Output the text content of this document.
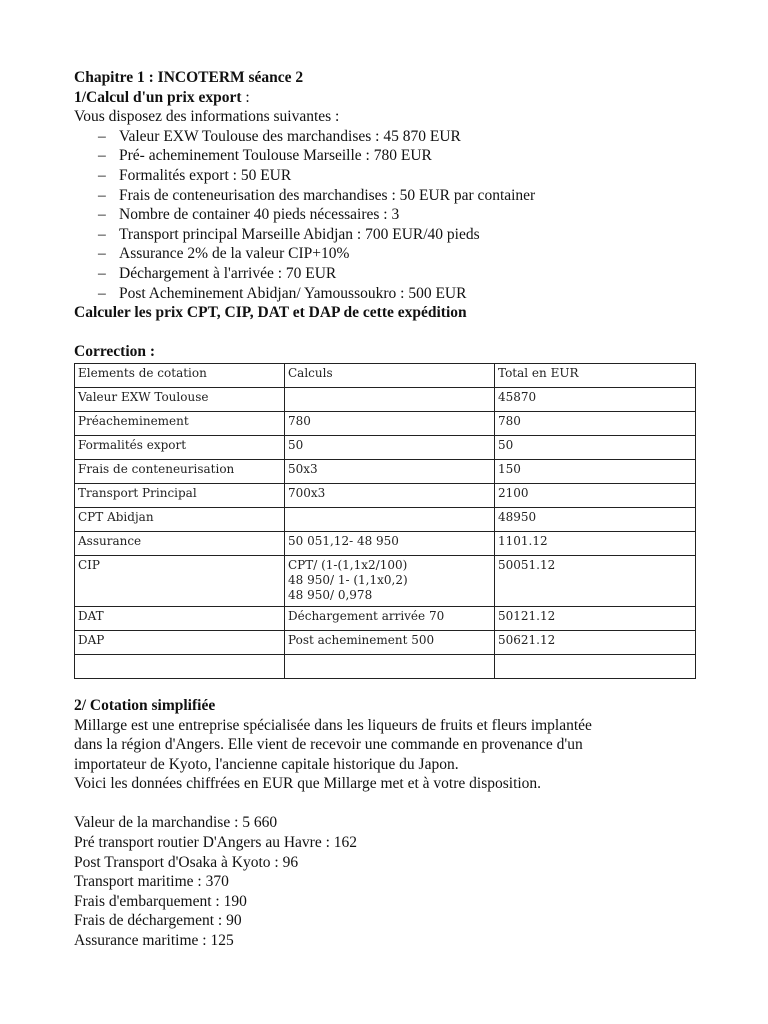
Chapitre 1 : INCOTERM séance 2
1/Calcul d'un prix export :
Vous disposez des informations suivantes :
– Valeur EXW Toulouse des marchandises : 45 870 EUR
– Pré- acheminement Toulouse Marseille : 780 EUR
– Formalités export : 50 EUR
– Frais de conteneurisation des marchandises : 50 EUR par container
– Nombre de container 40 pieds nécessaires : 3
– Transport principal Marseille Abidjan : 700 EUR/40 pieds
– Assurance 2% de la valeur CIP+10%
– Déchargement à l'arrivée : 70 EUR
– Post Acheminement Abidjan/ Yamoussoukro : 500 EUR
Calculer les prix CPT, CIP, DAT et DAP de cette expédition
Correction :
Elements de cotation	Calculs	Total en EUR
Valeur EXW Toulouse		45870
Préacheminement	780	780
Formalités export	50	50
Frais de conteneurisation	50x3	150
Transport Principal	700x3	2100
CPT Abidjan		48950
Assurance	50 051,12- 48 950	1101.12
CIP	CPT/ (1-(1,1x2/100)
48 950/ 1- (1,1x0,2)
48 950/ 0,978	50051.12
DAT	Déchargement arrivée 70	50121.12
DAP	Post acheminement 500	50621.12

2/ Cotation simplifiée
Millarge est une entreprise spécialisée dans les liqueurs de fruits et fleurs implantée
dans la région d'Angers. Elle vient de recevoir une commande en provenance d'un
importateur de Kyoto, l'ancienne capitale historique du Japon.
Voici les données chiffrées en EUR que Millarge met et à votre disposition.
Valeur de la marchandise : 5 660
Pré transport routier D'Angers au Havre : 162
Post Transport d'Osaka à Kyoto : 96
Transport maritime : 370
Frais d'embarquement : 190
Frais de déchargement : 90
Assurance maritime : 125
